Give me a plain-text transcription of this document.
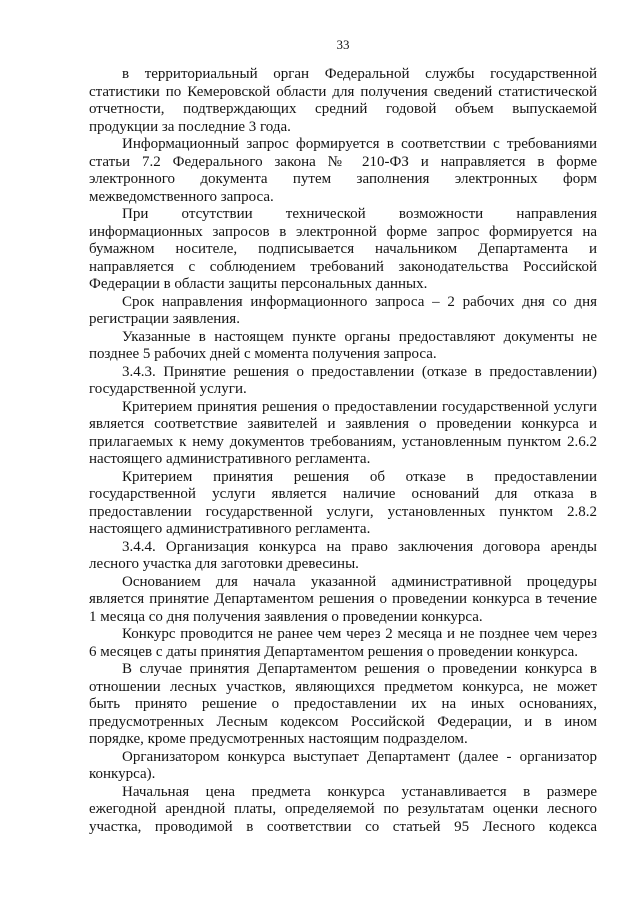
33
в территориальный орган Федеральной службы государственной
статистики по Кемеровской области для получения сведений статистической
отчетности, подтверждающих средний годовой объем выпускаемой
продукции за последние 3 года.
Информационный запрос формируется в соответствии с требованиями
статьи 7.2 Федерального закона № 210-ФЗ и направляется в форме
электронного документа путем заполнения электронных форм
межведомственного запроса.
При отсутствии технической возможности направления
информационных запросов в электронной форме запрос формируется на
бумажном носителе, подписывается начальником Департамента и
направляется с соблюдением требований законодательства Российской
Федерации в области защиты персональных данных.
Срок направления информационного запроса – 2 рабочих дня со дня
регистрации заявления.
Указанные в настоящем пункте органы предоставляют документы не
позднее 5 рабочих дней с момента получения запроса.
3.4.3. Принятие решения о предоставлении (отказе в предоставлении)
государственной услуги.
Критерием принятия решения о предоставлении государственной услуги
является соответствие заявителей и заявления о проведении конкурса и
прилагаемых к нему документов требованиям, установленным пунктом 2.6.2
настоящего административного регламента.
Критерием принятия решения об отказе в предоставлении
государственной услуги является наличие оснований для отказа в
предоставлении государственной услуги, установленных пунктом 2.8.2
настоящего административного регламента.
3.4.4. Организация конкурса на право заключения договора аренды
лесного участка для заготовки древесины.
Основанием для начала указанной административной процедуры
является принятие Департаментом решения о проведении конкурса в течение
1 месяца со дня получения заявления о проведении конкурса.
Конкурс проводится не ранее чем через 2 месяца и не позднее чем через
6 месяцев с даты принятия Департаментом решения о проведении конкурса.
В случае принятия Департаментом решения о проведении конкурса в
отношении лесных участков, являющихся предметом конкурса, не может
быть принято решение о предоставлении их на иных основаниях,
предусмотренных Лесным кодексом Российской Федерации, и в ином
порядке, кроме предусмотренных настоящим подразделом.
Организатором конкурса выступает Департамент (далее - организатор
конкурса).
Начальная цена предмета конкурса устанавливается в размере
ежегодной арендной платы, определяемой по результатам оценки лесного
участка, проводимой в соответствии со статьей 95 Лесного кодекса
